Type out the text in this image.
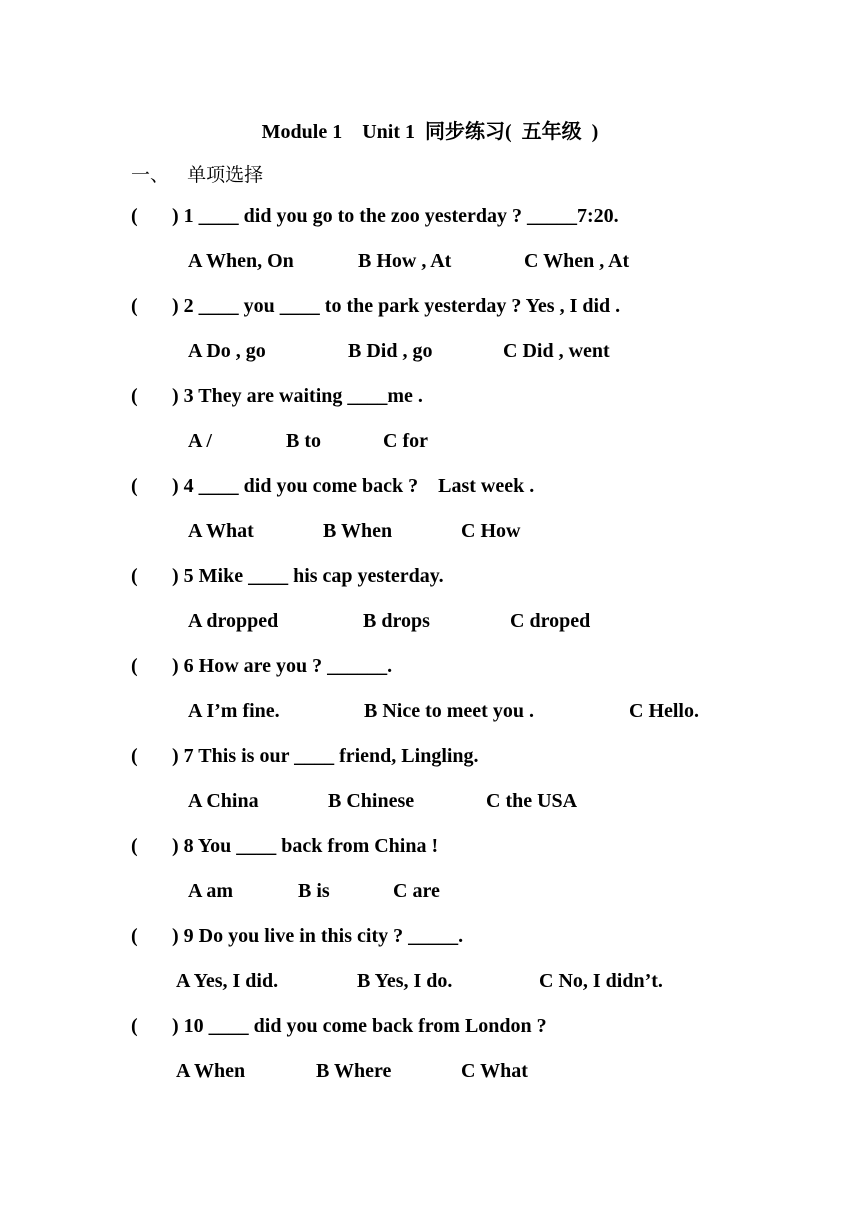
Module 1    Unit 1  同步练习(  五年级  )
一、   单项选择
( ) 1 ____ did you go to the zoo yesterday ? _____7:20.
A When, On	B How , At	C When , At
( ) 2 ____ you ____ to the park yesterday ? Yes , I did .
A Do , go	B Did , go	C Did , went
( ) 3 They are waiting ____me .
A /	B to	C for
( ) 4 ____ did you come back ?    Last week .
A What	B When	C How
( ) 5 Mike ____ his cap yesterday.
A dropped	B drops	C droped
( ) 6 How are you ? ______.
A I’m fine.	B Nice to meet you .	C Hello.
( ) 7 This is our ____ friend, Lingling.
A China	B Chinese	C the USA
( ) 8 You ____ back from China !
A am	B is	C are
( ) 9 Do you live in this city ? _____.
A Yes, I did.	B Yes, I do.	C No, I didn’t.
( ) 10 ____ did you come back from London ?
A When	B Where	C What
